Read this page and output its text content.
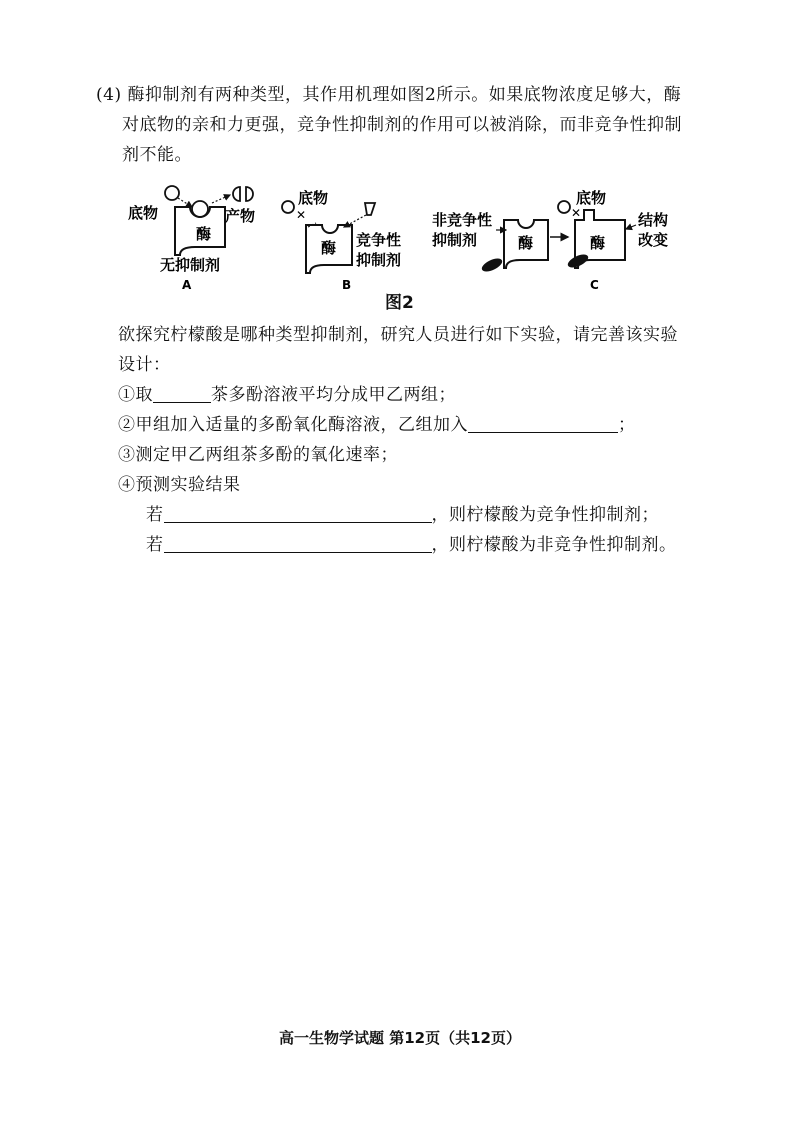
(4) 酶抑制剂有两种类型，其作用机理如图2所示。如果底物浓度足够大，酶

对底物的亲和力更强，竞争性抑制剂的作用可以被消除，而非竞争性抑制
剂不能。
底物	产物
酶
无抑制剂
A
底物
✕
酶 竞争性
抑制剂
B
非竞争性
抑制剂	酶
✕
底物
酶
结构
改变
C
图2
欲探究柠檬酸是哪种类型抑制剂，研究人员进行如下实验，请完善该实验
设计：
①取	茶多酚溶液平均分成甲乙两组；
②甲组加入适量的多酚氧化酶溶液，乙组加入	；
③测定甲乙两组茶多酚的氧化速率；
④预测实验结果
若	，则柠檬酸为竞争性抑制剂；
若	，则柠檬酸为非竞争性抑制剂。
高一生物学试题 第12页（共12页）
